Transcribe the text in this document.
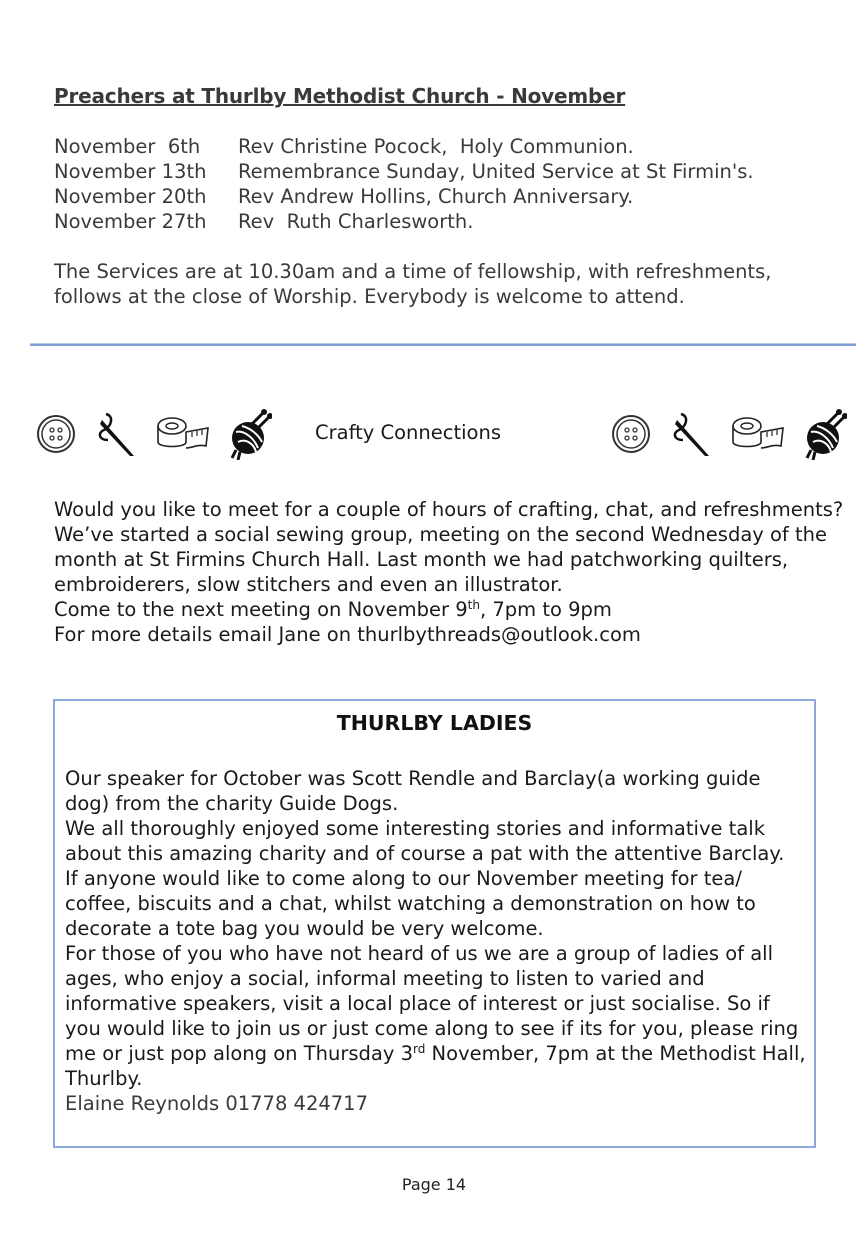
Preachers at Thurlby Methodist Church - November
November  6th	Rev Christine Pocock,  Holy Communion.
November 13th	Remembrance Sunday, United Service at St Firmin's.
November 20th	Rev Andrew Hollins, Church Anniversary.
November 27th	Rev  Ruth Charlesworth.
The Services are at 10.30am and a time of fellowship, with refreshments, follows at the close of Worship. Everybody is welcome to attend.
Crafty Connections
Would you like to meet for a couple of hours of crafting, chat, and refreshments? We’ve started a social sewing group, meeting on the second Wednesday of the month at St Firmins Church Hall. Last month we had patchworking quilters, embroiderers, slow stitchers and even an illustrator.
Come to the next meeting on November 9th, 7pm to 9pm
For more details email Jane on thurlbythreads@outlook.com
THURLBY LADIES
Our speaker for October was Scott Rendle and Barclay(a working guide dog) from the charity Guide Dogs.
We all thoroughly enjoyed some interesting stories and informative talk about this amazing charity and of course a pat with the attentive Barclay.
If anyone would like to come along to our November meeting for tea/ coffee, biscuits and a chat, whilst watching a demonstration on how to decorate a tote bag you would be very welcome.
For those of you who have not heard of us we are a group of ladies of all ages, who enjoy a social, informal meeting to listen to varied and informative speakers, visit a local place of interest or just socialise. So if you would like to join us or just come along to see if its for you, please ring me or just pop along on Thursday 3rd November, 7pm at the Methodist Hall, Thurlby.
Elaine Reynolds 01778 424717
Page 14
